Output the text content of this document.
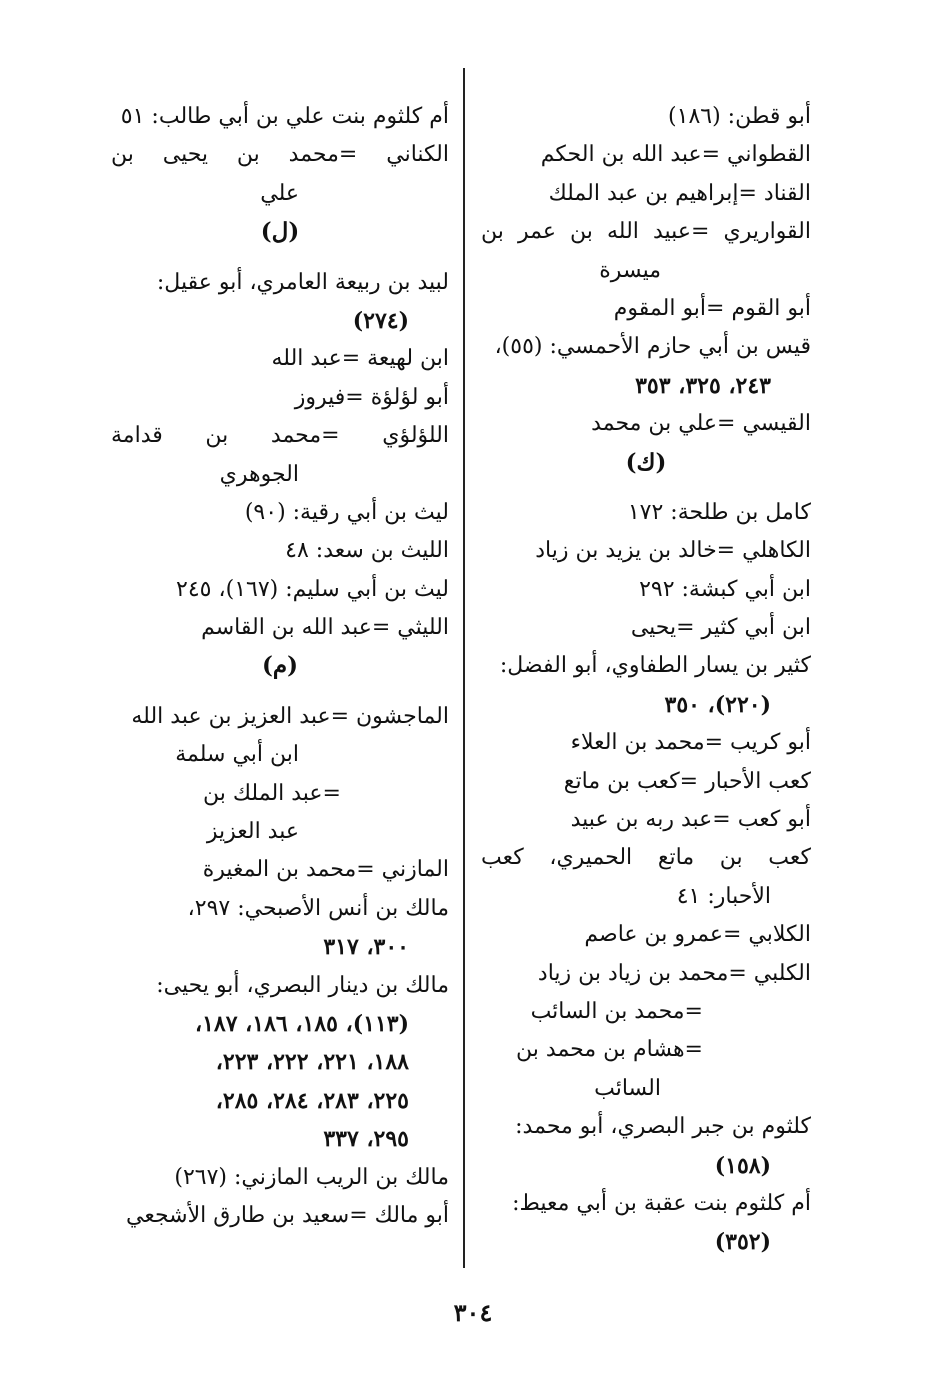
أبو قطن: (١٨٦)
القطواني =عبد الله بن الحكم
القناد =إبراهيم بن عبد الملك
القواريري =عبيد الله بن عمر بن
ميسرة
أبو القوم =أبو المقوم
قيس بن أبي حازم الأحمسي: (٥٥)،
٢٤٣، ٣٢٥، ٣٥٣
القيسي =علي بن محمد
(ك)
كامل بن طلحة: ١٧٢
الكاهلي =خالد بن يزيد بن زياد
ابن أبي كبشة: ٢٩٢
ابن أبي كثير =يحيى
كثير بن يسار الطفاوي، أبو الفضل:
(٢٢٠)، ٣٥٠
أبو كريب =محمد بن العلاء
كعب الأحبار =كعب بن ماتع
أبو كعب =عبد ربه بن عبيد
كعب بن ماتع الحميري، كعب
الأحبار: ٤١
الكلابي =عمرو بن عاصم
الكلبي =محمد بن زياد بن زياد
=محمد بن السائب
=هشام بن محمد بن
السائب
كلثوم بن جبر البصري، أبو محمد:
(١٥٨)
أم كلثوم بنت عقبة بن أبي معيط:
(٣٥٢)
أم كلثوم بنت علي بن أبي طالب: ٥١
الكناني =محمد بن يحيى بن
علي
(ل)
لبيد بن ربيعة العامري، أبو عقيل:
(٢٧٤)
ابن لهيعة =عبد الله
أبو لؤلؤة =فيروز
اللؤلؤي =محمد بن قدامة
الجوهري
ليث بن أبي رقية: (٩٠)
الليث بن سعد: ٤٨
ليث بن أبي سليم: (١٦٧)، ٢٤٥
الليثي =عبد الله بن القاسم
(م)
الماجشون =عبد العزيز بن عبد الله
ابن أبي سلمة
=عبد الملك بن
عبد العزيز
المازني =محمد بن المغيرة
مالك بن أنس الأصبحي: ٢٩٧،
٣٠٠، ٣١٧
مالك بن دينار البصري، أبو يحيى:
(١١٣)، ١٨٥، ١٨٦، ١٨٧،
١٨٨، ٢٢١، ٢٢٢، ٢٢٣،
٢٢٥، ٢٨٣، ٢٨٤، ٢٨٥،
٢٩٥، ٣٣٧
مالك بن الريب المازني: (٢٦٧)
أبو مالك =سعيد بن طارق الأشجعي
٣٠٤
